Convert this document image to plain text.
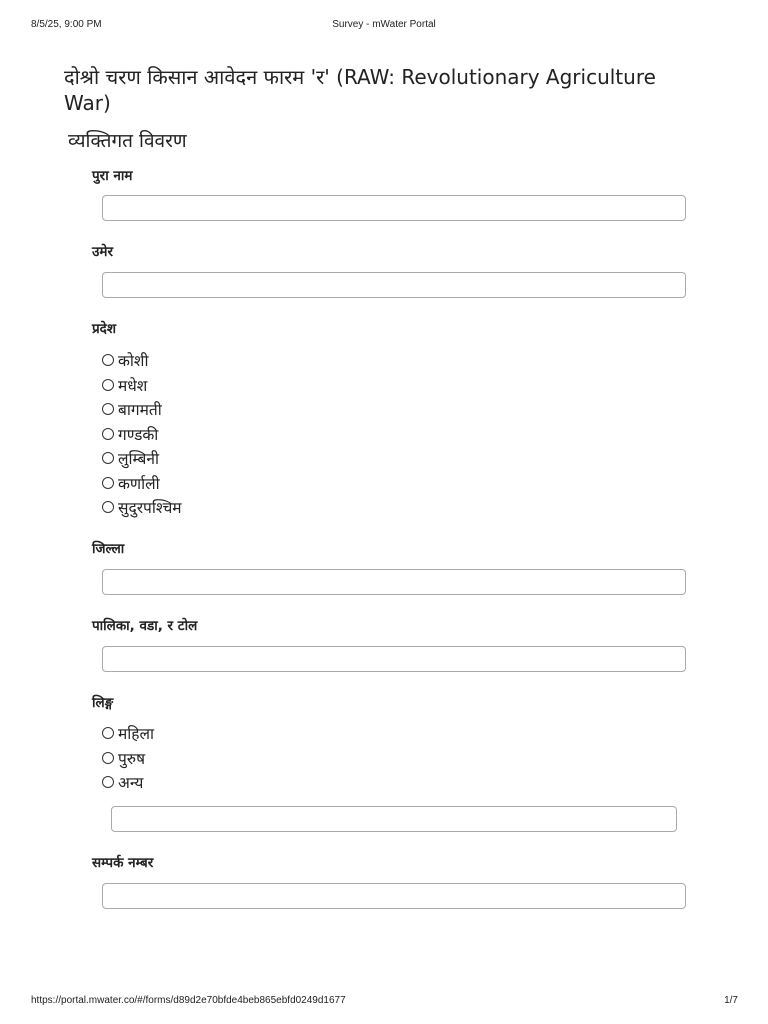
8/5/25, 9:00 PM	Survey - mWater Portal
दोश्रो चरण किसान आवेदन फारम 'र' (RAW: Revolutionary Agriculture War)
व्यक्तिगत विवरण
पुरा नाम
उमेर
प्रदेश
कोशी
मधेश
बागमती
गण्डकी
लुम्बिनी
कर्णाली
सुदुरपश्चिम
जिल्ला
पालिका, वडा, र टोल
लिङ्ग
महिला
पुरुष
अन्य
सम्पर्क नम्बर
https://portal.mwater.co/#/forms/d89d2e70bfde4beb865ebfd0249d1677	1/7
